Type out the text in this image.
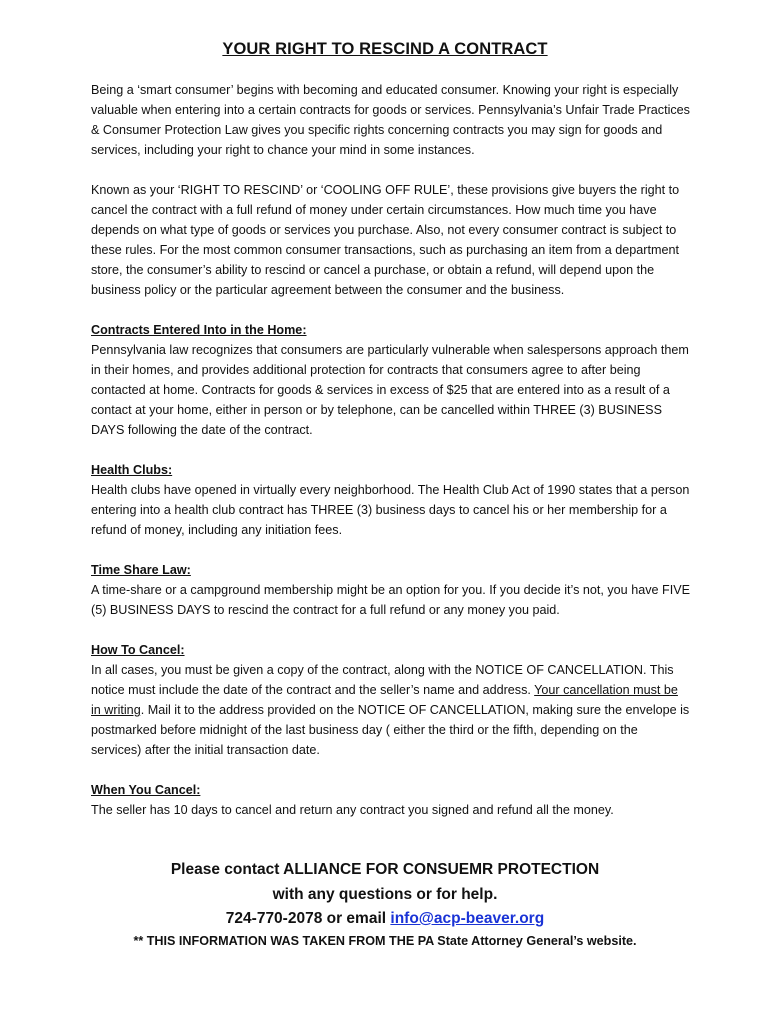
YOUR RIGHT TO RESCIND A CONTRACT

Being a ‘smart consumer’ begins with becoming and educated consumer. Knowing your right is especially valuable when entering into a certain contracts for goods or services. Pennsylvania’s Unfair Trade Practices & Consumer Protection Law gives you specific rights concerning contracts you may sign for goods and services, including your right to chance your mind in some instances.

Known as your ‘RIGHT TO RESCIND’ or ‘COOLING OFF RULE’, these provisions give buyers the right to cancel the contract with a full refund of money under certain circumstances. How much time you have depends on what type of goods or services you purchase. Also, not every consumer contract is subject to these rules. For the most common consumer transactions, such as purchasing an item from a department store, the consumer’s ability to rescind or cancel a purchase, or obtain a refund, will depend upon the business policy or the particular agreement between the consumer and the business.

Contracts Entered Into in the Home:
Pennsylvania law recognizes that consumers are particularly vulnerable when salespersons approach them in their homes, and provides additional protection for contracts that consumers agree to after being contacted at home. Contracts for goods & services in excess of $25 that are entered into as a result of a contact at your home, either in person or by telephone, can be cancelled within THREE (3) BUSINESS DAYS following the date of the contract.
Health Clubs:
Health clubs have opened in virtually every neighborhood. The Health Club Act of 1990 states that a person entering into a health club contract has THREE (3) business days to cancel his or her membership for a refund of money, including any initiation fees.
Time Share Law:
A time-share or a campground membership might be an option for you. If you decide it’s not, you have FIVE (5) BUSINESS DAYS to rescind the contract for a full refund or any money you paid.
How To Cancel:
In all cases, you must be given a copy of the contract, along with the NOTICE OF CANCELLATION. This notice must include the date of the contract and the seller’s name and address. Your cancellation must be in writing. Mail it to the address provided on the NOTICE OF CANCELLATION, making sure the envelope is postmarked before midnight of the last business day ( either the third or the fifth, depending on the services) after the initial transaction date.
When You Cancel:
The seller has 10 days to cancel and return any contract you signed and refund all the money.
Please contact ALLIANCE FOR CONSUEMR PROTECTION
with any questions or for help.
724-770-2078 or email info@acp-beaver.org
** THIS INFORMATION WAS TAKEN FROM THE PA State Attorney General’s website.
